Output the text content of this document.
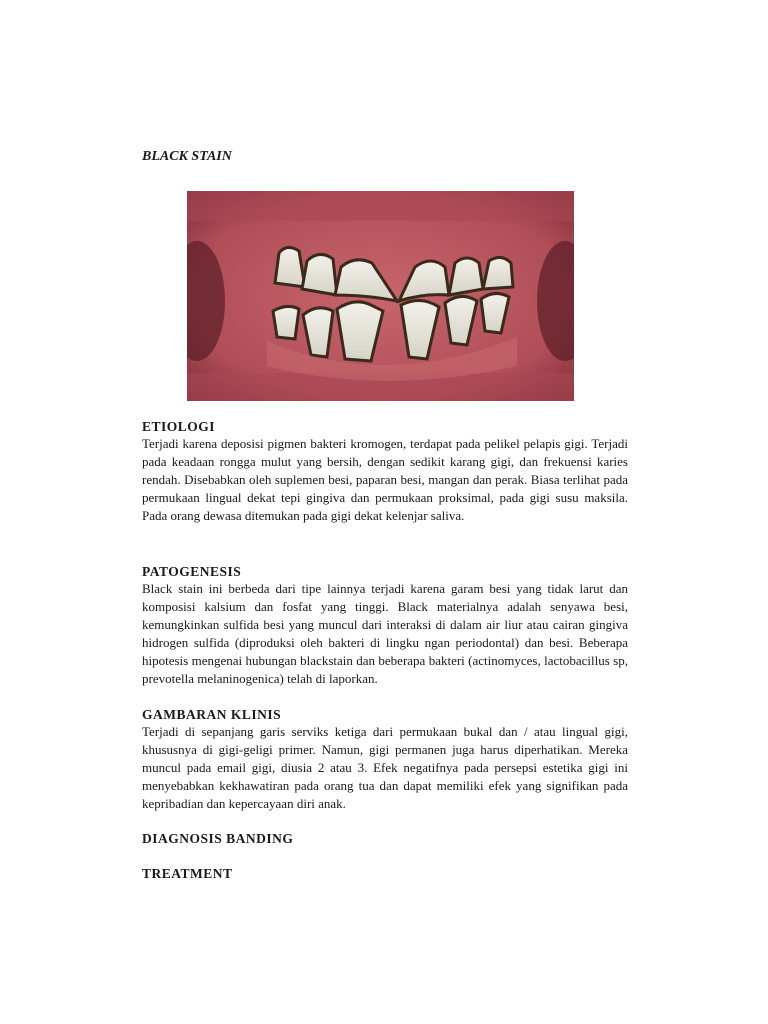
BLACK STAIN
ETIOLOGI

Terjadi karena deposisi pigmen bakteri kromogen, terdapat pada pelikel pelapis gigi. Terjadi pada keadaan rongga mulut yang bersih, dengan sedikit karang gigi, dan frekuensi karies rendah. Disebabkan oleh suplemen besi, paparan besi, mangan dan perak. Biasa terlihat pada permukaan lingual dekat tepi gingiva dan permukaan proksimal, pada gigi susu maksila. Pada orang dewasa ditemukan pada gigi dekat kelenjar saliva.

PATOGENESIS

Black stain ini berbeda dari tipe lainnya terjadi karena garam besi yang tidak larut dan komposisi kalsium dan fosfat yang tinggi. Black materialnya adalah senyawa besi, kemungkinkan sulfida besi yang muncul dari interaksi di dalam air liur atau cairan gingiva hidrogen sulfida (diproduksi oleh bakteri di lingku ngan periodontal) dan besi. Beberapa hipotesis mengenai hubungan blackstain dan beberapa bakteri (actinomyces, lactobacillus sp, prevotella melaninogenica) telah di laporkan.

GAMBARAN KLINIS

Terjadi di sepanjang garis serviks ketiga dari permukaan bukal dan / atau lingual gigi, khususnya di gigi-geligi primer. Namun, gigi permanen juga harus diperhatikan. Mereka muncul pada email gigi, diusia 2 atau 3. Efek negatifnya pada persepsi estetika gigi ini menyebabkan kekhawatiran pada orang tua dan dapat memiliki efek yang signifikan pada kepribadian dan kepercayaan diri anak.

DIAGNOSIS BANDING
TREATMENT
